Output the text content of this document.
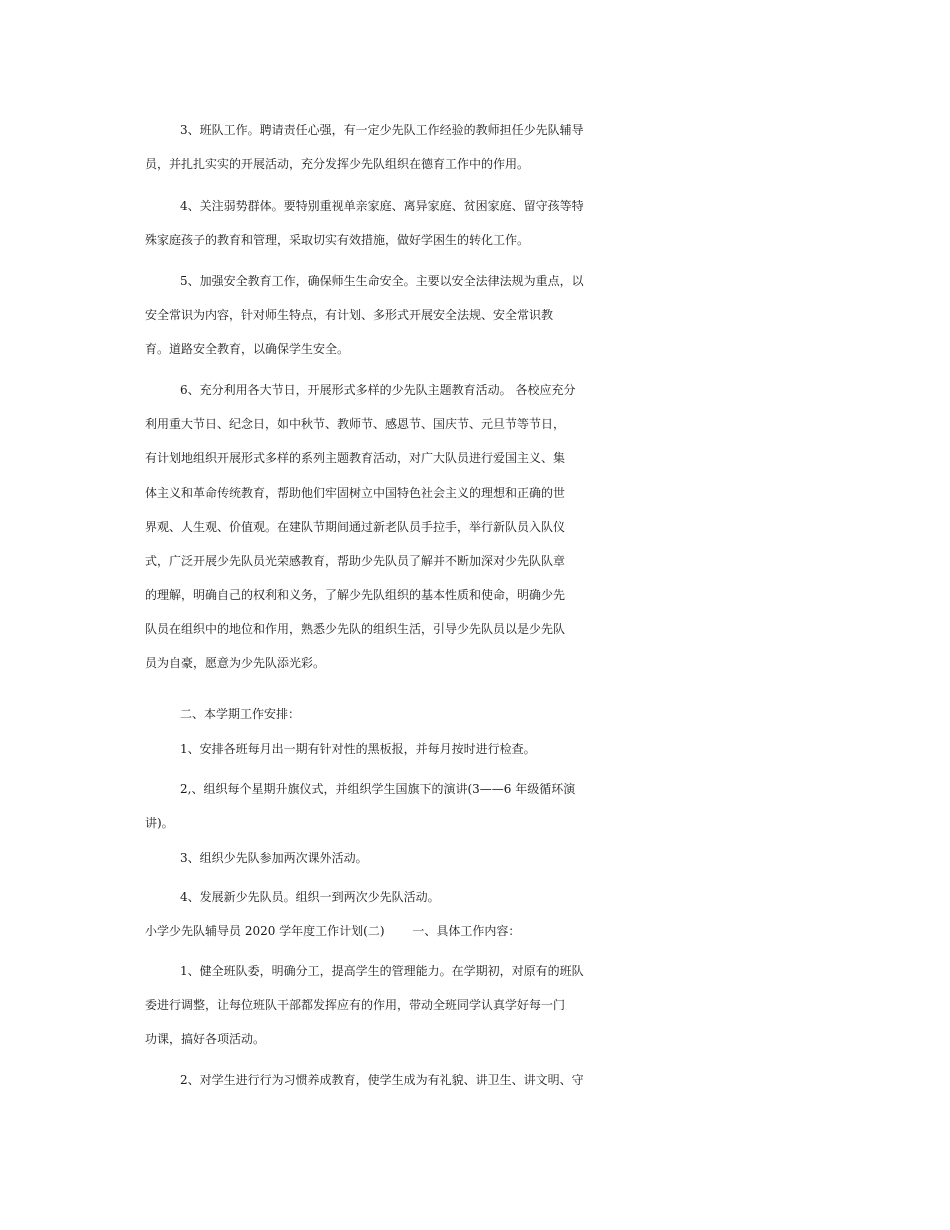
3、班队工作。聘请责任心强，有一定少先队工作经验的教师担任少先队辅导
员，并扎扎实实的开展活动，充分发挥少先队组织在德育工作中的作用。
4、关注弱势群体。要特别重视单亲家庭、离异家庭、贫困家庭、留守孩等特
殊家庭孩子的教育和管理，采取切实有效措施，做好学困生的转化工作。
5、加强安全教育工作，确保师生生命安全。主要以安全法律法规为重点，以
安全常识为内容，针对师生特点，有计划、多形式开展安全法规、安全常识教
育。道路安全教育，以确保学生安全。
6、充分利用各大节日，开展形式多样的少先队主题教育活动。 各校应充分
利用重大节日、纪念日，如中秋节、教师节、感恩节、国庆节、元旦节等节日，
有计划地组织开展形式多样的系列主题教育活动，对广大队员进行爱国主义、集
体主义和革命传统教育，帮助他们牢固树立中国特色社会主义的理想和正确的世
界观、人生观、价值观。在建队节期间通过新老队员手拉手，举行新队员入队仪
式，广泛开展少先队员光荣感教育，帮助少先队员了解并不断加深对少先队队章
的理解，明确自己的权利和义务，了解少先队组织的基本性质和使命，明确少先
队员在组织中的地位和作用，熟悉少先队的组织生活，引导少先队员以是少先队
员为自豪，愿意为少先队添光彩。
二、本学期工作安排：
1、安排各班每月出一期有针对性的黑板报，并每月按时进行检查。
2,、组织每个星期升旗仪式，并组织学生国旗下的演讲(3——6 年级循环演
讲)。
3、组织少先队参加两次课外活动。
4、发展新少先队员。组织一到两次少先队活动。
小学少先队辅导员 2020 学年度工作计划(二)　　 一、具体工作内容：
1、健全班队委，明确分工，提高学生的管理能力。在学期初，对原有的班队
委进行调整，让每位班队干部都发挥应有的作用，带动全班同学认真学好每一门
功课，搞好各项活动。
2、对学生进行行为习惯养成教育，使学生成为有礼貌、讲卫生、讲文明、守
